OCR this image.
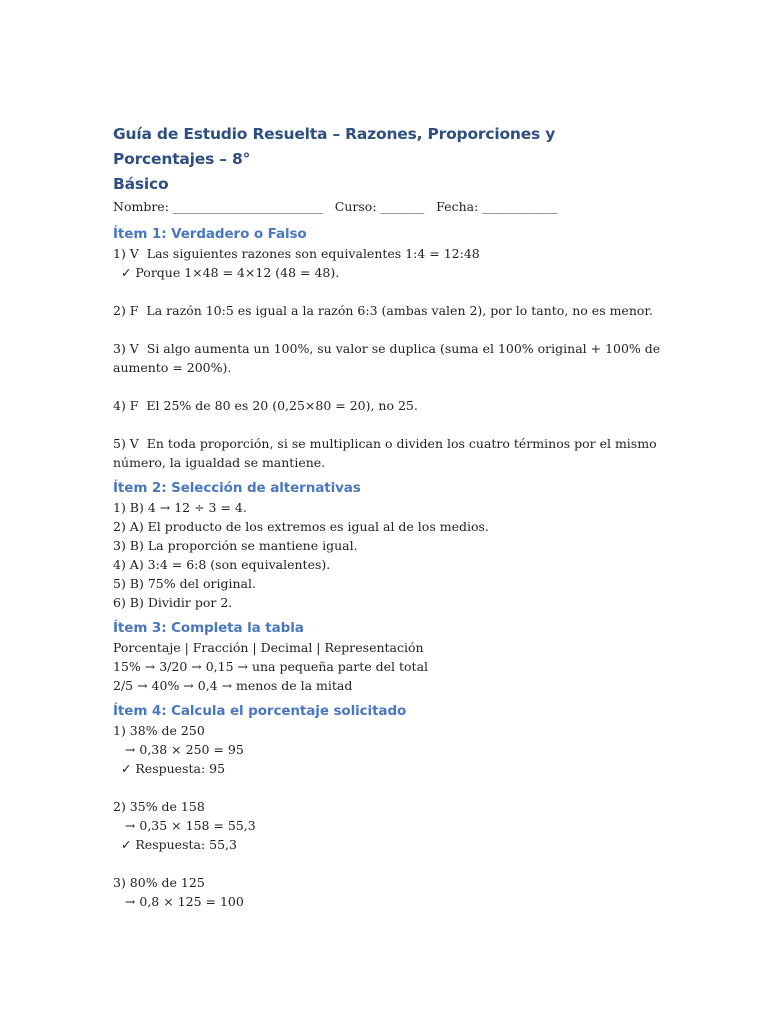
Guía de Estudio Resuelta – Razones, Proporciones y Porcentajes – 8°

Básico

Nombre: ________________________   Curso: _______   Fecha: ____________

Ítem 1: Verdadero o Falso

1) V  Las siguientes razones son equivalentes 1:4 = 12:48

✓ Porque 1×48 = 4×12 (48 = 48).

2) F  La razón 10:5 es igual a la razón 6:3 (ambas valen 2), por lo tanto, no es menor.

3) V  Si algo aumenta un 100%, su valor se duplica (suma el 100% original + 100% de

aumento = 200%).

4) F  El 25% de 80 es 20 (0,25×80 = 20), no 25.

5) V  En toda proporción, si se multiplican o dividen los cuatro términos por el mismo

número, la igualdad se mantiene.

Ítem 2: Selección de alternativas

1) B) 4 → 12 ÷ 3 = 4.

2) A) El producto de los extremos es igual al de los medios.

3) B) La proporción se mantiene igual.

4) A) 3:4 = 6:8 (son equivalentes).

5) B) 75% del original.

6) B) Dividir por 2.

Ítem 3: Completa la tabla

Porcentaje | Fracción | Decimal | Representación

15% → 3/20 → 0,15 → una pequeña parte del total

2/5 → 40% → 0,4 → menos de la mitad

Ítem 4: Calcula el porcentaje solicitado

1) 38% de 250

→ 0,38 × 250 = 95

✓ Respuesta: 95

2) 35% de 158

→ 0,35 × 158 = 55,3

✓ Respuesta: 55,3

3) 80% de 125

→ 0,8 × 125 = 100
